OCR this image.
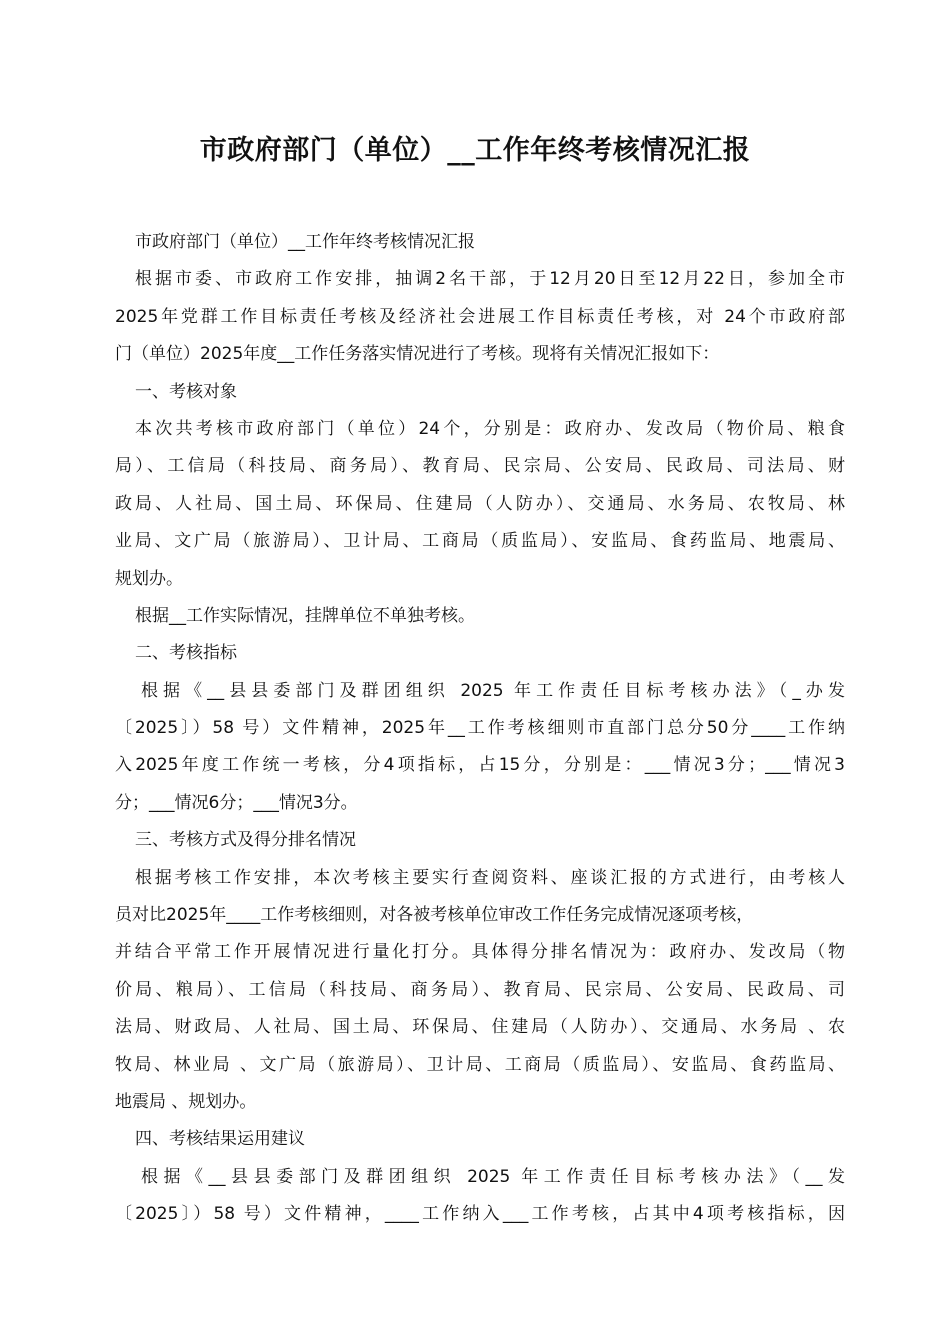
市政府部门（单位）__工作年终考核情况汇报
市政府部门（单位）__工作年终考核情况汇报
根据市委、市政府工作安排，抽调2名干部，于12月20日至12月22日，参加全市
2025年党群工作目标责任考核及经济社会进展工作目标责任考核，对 24个市政府部
门（单位）2025年度__工作任务落实情况进行了考核。现将有关情况汇报如下：
一、考核对象
本次共考核市政府部门（单位）24个，分别是：政府办、发改局（物价局、粮食
局）、工信局（科技局、商务局）、教育局、民宗局、公安局、民政局、司法局、财
政局、人社局、国土局、环保局、住建局（人防办）、交通局、水务局、农牧局、林
业局、文广局（旅游局）、卫计局、工商局（质监局）、安监局、食药监局、地震局、
规划办。
根据__工作实际情况，挂牌单位不单独考核。
二、考核指标
根据《__县县委部门及群团组织 2025 年工作责任目标考核办法》（_办发
〔2025〕）58 号）文件精神，2025年__工作考核细则市直部门总分50分____工作纳
入2025年度工作统一考核，分4项指标，占15分，分别是：___情况3分；___情况3
分；___情况6分；___情况3分。
三、考核方式及得分排名情况
根据考核工作安排，本次考核主要实行查阅资料、座谈汇报的方式进行，由考核人
员对比2025年____工作考核细则，对各被考核单位审改工作任务完成情况逐项考核，
并结合平常工作开展情况进行量化打分。具体得分排名情况为：政府办、发改局（物
价局、粮局）、工信局（科技局、商务局）、教育局、民宗局、公安局、民政局、司
法局、财政局、人社局、国土局、环保局、住建局（人防办）、交通局、水务局 、农
牧局、林业局 、文广局（旅游局）、卫计局、工商局（质监局）、安监局、食药监局、
地震局 、规划办。
四、考核结果运用建议
根据《__县县委部门及群团组织 2025 年工作责任目标考核办法》（__发
〔2025〕）58 号）文件精神，____工作纳入___工作考核，占其中4项考核指标，因
